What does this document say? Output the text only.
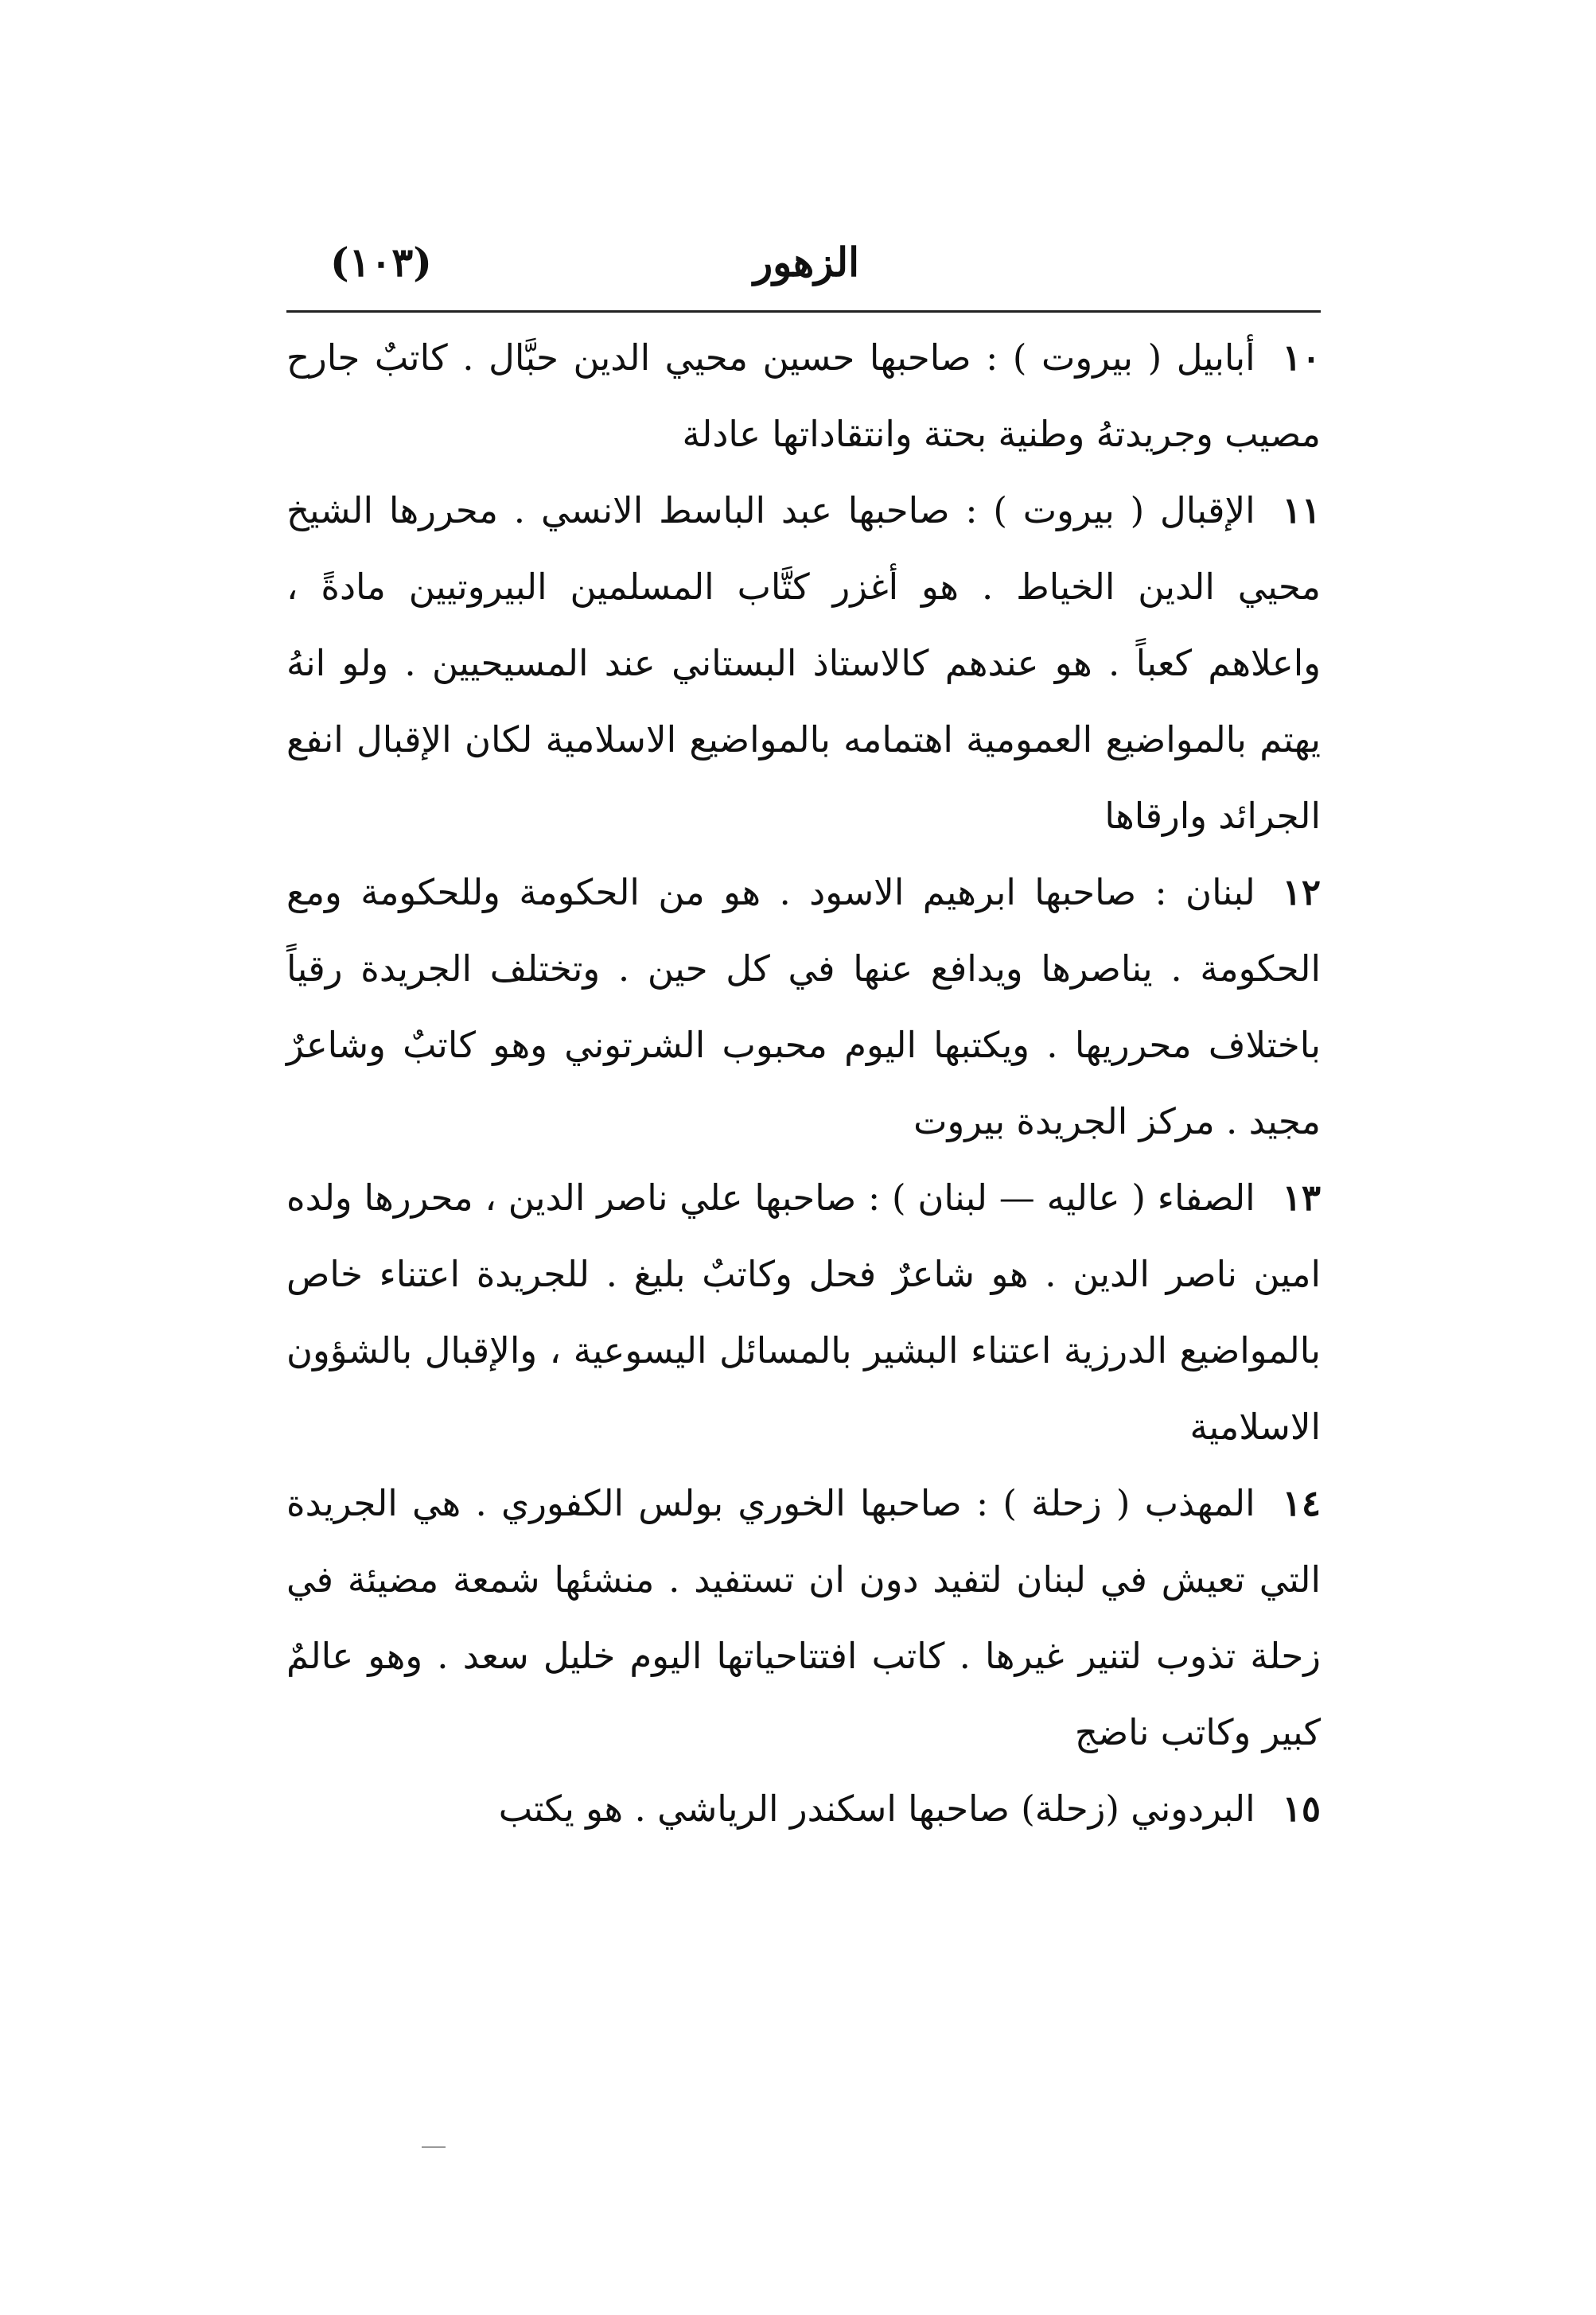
الزهور
(١٠٣)

١٠أبابيل ( بيروت ) : صاحبها حسين محيي الدين حبَّال . كاتبٌ جارح مصيب وجريدتهُ وطنية بحتة وانتقاداتها عادلة

١١الإقبال ( بيروت ) : صاحبها عبد الباسط الانسي . محررها الشيخ محيي الدين الخياط . هو أغزر كتَّاب المسلمين البيروتيين مادةً ، واعلاهم كعباً . هو عندهم كالاستاذ البستاني عند المسيحيين . ولو انهُ يهتم بالمواضيع العمومية اهتمامه بالمواضيع الاسلامية لكان الإقبال انفع الجرائد وارقاها

١٢لبنان : صاحبها ابرهيم الاسود . هو من الحكومة وللحكومة ومع الحكومة . يناصرها ويدافع عنها في كل حين . وتختلف الجريدة رقياً باختلاف محرريها . ويكتبها اليوم محبوب الشرتوني وهو كاتبٌ وشاعرٌ مجيد . مركز الجريدة بيروت

١٣الصفاء ( عاليه — لبنان ) : صاحبها علي ناصر الدين ، محررها ولده امين ناصر الدين . هو شاعرٌ فحل وكاتبٌ بليغ . للجريدة اعتناء خاص بالمواضيع الدرزية اعتناء البشير بالمسائل اليسوعية ، والإقبال بالشؤون الاسلامية

١٤المهذب ( زحلة ) : صاحبها الخوري بولس الكفوري . هي الجريدة التي تعيش في لبنان لتفيد دون ان تستفيد . منشئها شمعة مضيئة في زحلة تذوب لتنير غيرها . كاتب افتتاحياتها اليوم خليل سعد . وهو عالمٌ كبير وكاتب ناضج

١٥البردوني (زحلة) صاحبها اسكندر الرياشي . هو يكتب
